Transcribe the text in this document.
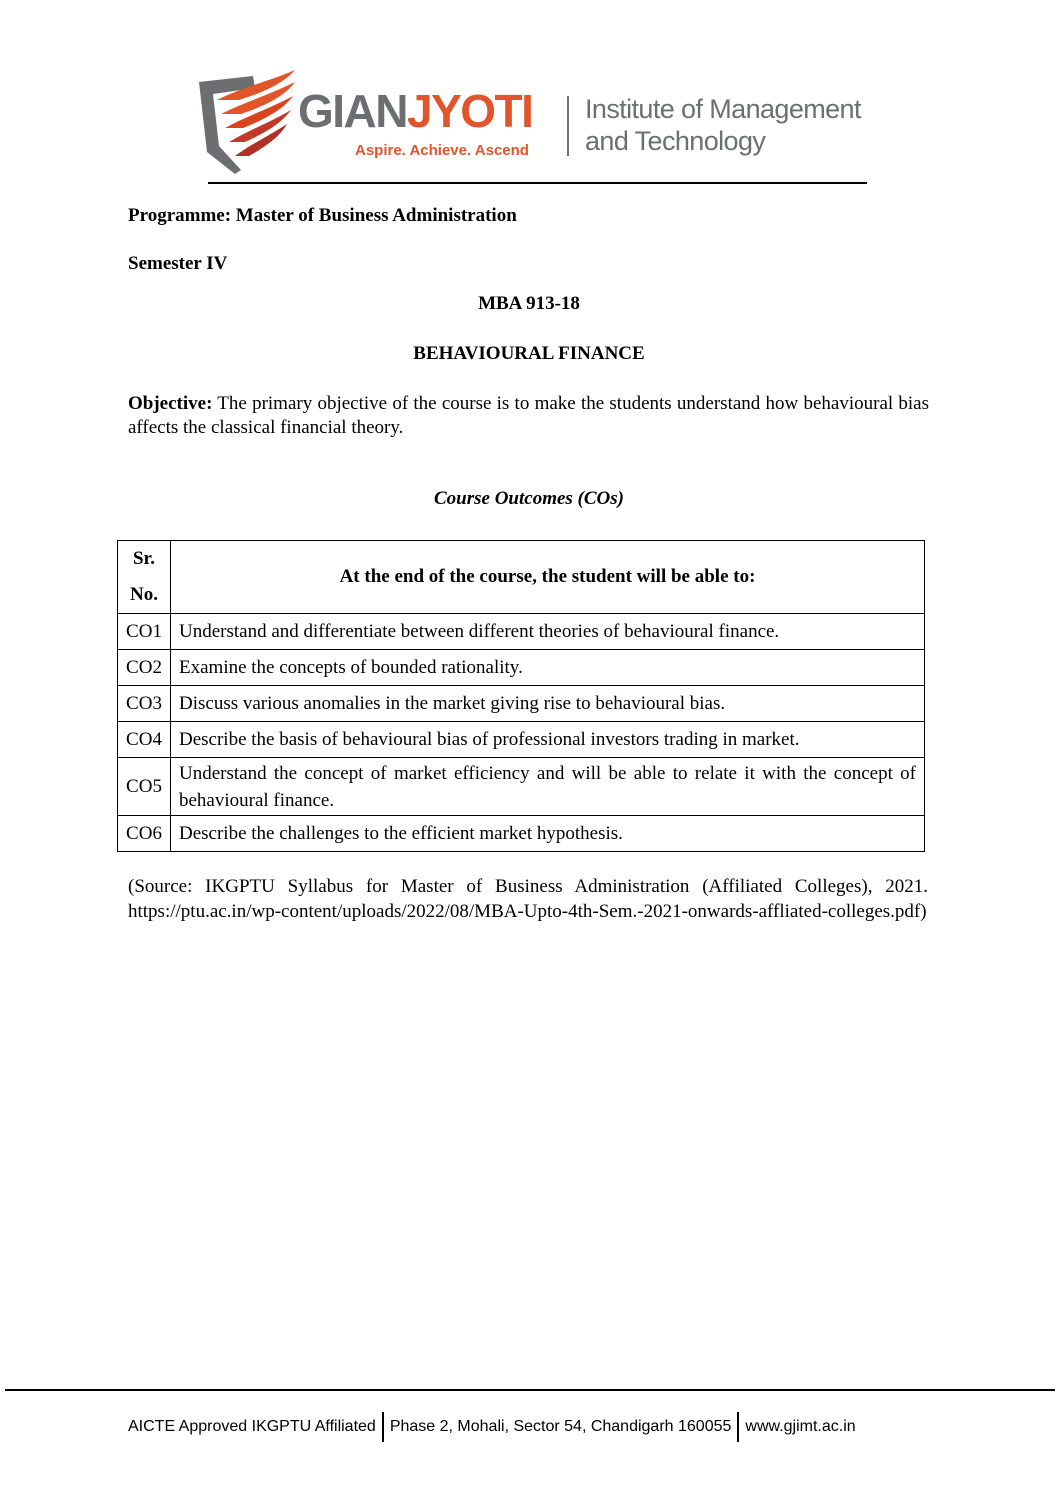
GIANJYOTI
Aspire. Achieve. Ascend
Institute of Management
and Technology
Programme: Master of Business Administration
Semester IV
MBA 913-18
BEHAVIOURAL FINANCE
Objective: The primary objective of the course is to make the students understand how behavioural bias affects the classical financial theory.
Course Outcomes (COs)
Sr.
No.	At the end of the course, the student will be able to:
CO1	Understand and differentiate between different theories of behavioural finance.
CO2	Examine the concepts of bounded rationality.
CO3	Discuss various anomalies in the market giving rise to behavioural bias.
CO4	Describe the basis of behavioural bias of professional investors trading in market.
CO5	Understand the concept of market efficiency and will be able to relate it with the concept of behavioural finance.
CO6	Describe the challenges to the efficient market hypothesis.
(Source: IKGPTU Syllabus for Master of Business Administration (Affiliated Colleges), 2021. https://ptu.ac.in/wp-content/uploads/2022/08/MBA-Upto-4th-Sem.-2021-onwards-affliated-colleges.pdf)
AICTE Approved IKGPTU Affiliated Phase 2, Mohali, Sector 54, Chandigarh 160055 www.gjimt.ac.in
